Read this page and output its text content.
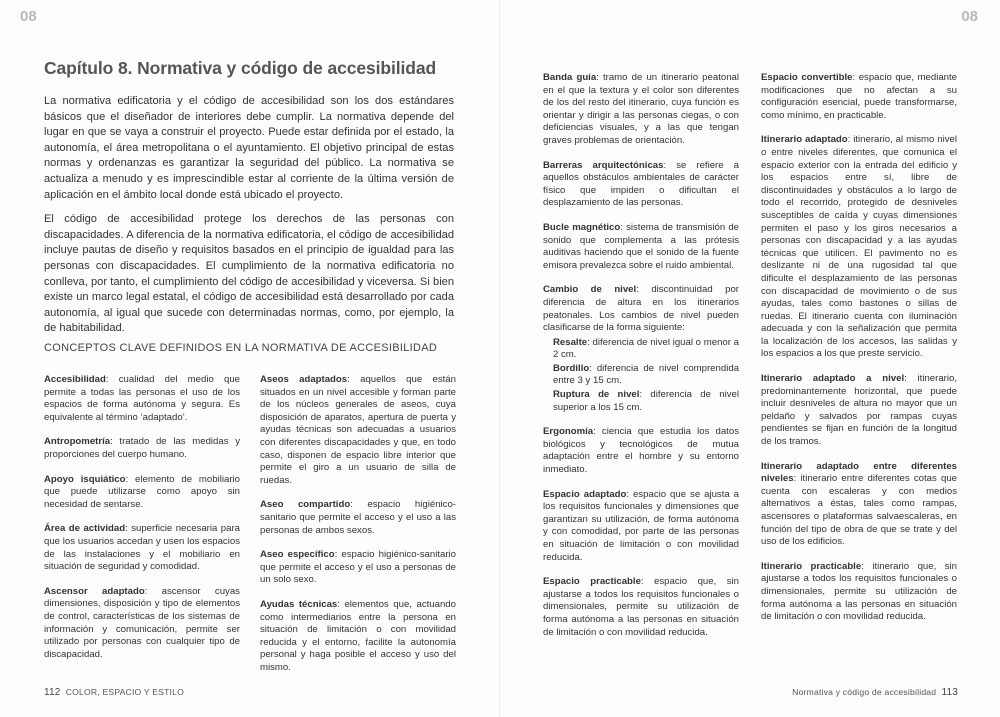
08
Capítulo 8. Normativa y código de accesibilidad

La normativa edificatoria y el código de accesibilidad son los dos estándares básicos que el diseñador de interiores debe cumplir. La normativa depende del lugar en que se vaya a construir el proyecto. Puede estar definida por el estado, la autonomía, el área metropolitana o el ayuntamiento. El objetivo principal de estas normas y ordenanzas es garantizar la seguridad del público. La normativa se actualiza a menudo y es imprescindible estar al corriente de la última versión de aplicación en el ámbito local donde está ubicado el proyecto.

El código de accesibilidad protege los derechos de las personas con discapacidades. A diferencia de la normativa edificatoria, el código de accesibilidad incluye pautas de diseño y requisitos basados en el principio de igualdad para las personas con discapacidades. El cumplimiento de la normativa edificatoria no conlleva, por tanto, el cumplimiento del código de accesibilidad y viceversa. Si bien existe un marco legal estatal, el código de accesibilidad está desarrollado por cada autonomía, al igual que sucede con determinadas normas, como, por ejemplo, la de habitabilidad.

CONCEPTOS CLAVE DEFINIDOS EN LA NORMATIVA DE ACCESIBILIDAD
Accesibilidad: cualidad del medio que permite a todas las personas el uso de los espacios de forma autónoma y segura. Es equivalente al término ‘adaptado’.
Antropometría: tratado de las medidas y proporciones del cuerpo humano.
Apoyo isquiático: elemento de mobiliario que puede utilizarse como apoyo sin necesidad de sentarse.
Área de actividad: superficie necesaria para que los usuarios accedan y usen los espacios de las instalaciones y el mobiliario en situación de seguridad y comodidad.
Ascensor adaptado: ascensor cuyas dimensiones, disposición y tipo de elementos de control, características de los sistemas de información y comunicación, permite ser utilizado por personas con cualquier tipo de discapacidad.
Aseos adaptados: aquellos que están situados en un nivel accesible y forman parte de los núcleos generales de aseos, cuya disposición de aparatos, apertura de puerta y ayudas técnicas son adecuadas a usuarios con diferentes discapacidades y que, en todo caso, disponen de espacio libre interior que permite el giro a un usuario de silla de ruedas.
Aseo compartido: espacio higiénico-sanitario que permite el acceso y el uso a las personas de ambos sexos.
Aseo específico: espacio higiénico-sanitario que permite el acceso y el uso a personas de un solo sexo.
Ayudas técnicas: elementos que, actuando como intermediarios entre la persona en situación de limitación o con movilidad reducida y el entorno, facilite la autonomía personal y haga posible el acceso y uso del mismo.
112 COLOR, ESPACIO Y ESTILO
08
Normativa y código de accesibilidad 113
Banda guía: tramo de un itinerario peatonal en el que la textura y el color son diferentes de los del resto del itinerario, cuya función es orientar y dirigir a las personas ciegas, o con deficiencias visuales, y a las que tengan graves problemas de orientación.
Barreras arquitectónicas: se refiere a aquellos obstáculos ambientales de carácter físico que impiden o dificultan el desplazamiento de las personas.
Bucle magnético: sistema de transmisión de sonido que complementa a las prótesis auditivas haciendo que el sonido de la fuente emisora prevalezca sobre el ruido ambiental.
Cambio de nivel: discontinuidad por diferencia de altura en los itinerarios peatonales. Los cambios de nivel pueden clasificarse de la forma siguiente:
Resalte: diferencia de nivel igual o menor a 2 cm.
Bordillo: diferencia de nivel comprendida entre 3 y 15 cm.
Ruptura de nivel: diferencia de nivel superior a los 15 cm.
Ergonomía: ciencia que estudia los datos biológicos y tecnológicos de mutua adaptación entre el hombre y su entorno inmediato.
Espacio adaptado: espacio que se ajusta a los requisitos funcionales y dimensiones que garantizan su utilización, de forma autónoma y con comodidad, por parte de las personas en situación de limitación o con movilidad reducida.
Espacio practicable: espacio que, sin ajustarse a todos los requisitos funcionales o dimensionales, permite su utilización de forma autónoma a las personas en situación de limitación o con movilidad reducida.
Espacio convertible: espacio que, mediante modificaciones que no afectan a su configuración esencial, puede transformarse, como mínimo, en practicable.
Itinerario adaptado: itinerario, al mismo nivel o entre niveles diferentes, que comunica el espacio exterior con la entrada del edificio y los espacios entre sí, libre de discontinuidades y obstáculos a lo largo de todo el recorrido, protegido de desniveles susceptibles de caída y cuyas dimensiones permiten el paso y los giros necesarios a personas con discapacidad y a las ayudas técnicas que utilicen. El pavimento no es deslizante ni de una rugosidad tal que dificulte el desplazamiento de las personas con discapacidad de movimiento o de sus ayudas, tales como bastones o sillas de ruedas. El itinerario cuenta con iluminación adecuada y con la señalización que permita la localización de los accesos, las salidas y los espacios a los que preste servicio.
Itinerario adaptado a nivel: itinerario, predominantemente horizontal, que puede incluir desniveles de altura no mayor que un peldaño y salvados por rampas cuyas pendientes se fijan en función de la longitud de los tramos.
Itinerario adaptado entre diferentes niveles: itinerario entre diferentes cotas que cuenta con escaleras y con medios alternativos a éstas, tales como rampas, ascensores o plataformas salvaescaleras, en función del tipo de obra de que se trate y del uso de los edificios.
Itinerario practicable: itinerario que, sin ajustarse a todos los requisitos funcionales o dimensionales, permite su utilización de forma autónoma a las personas en situación de limitación o con movilidad reducida.
